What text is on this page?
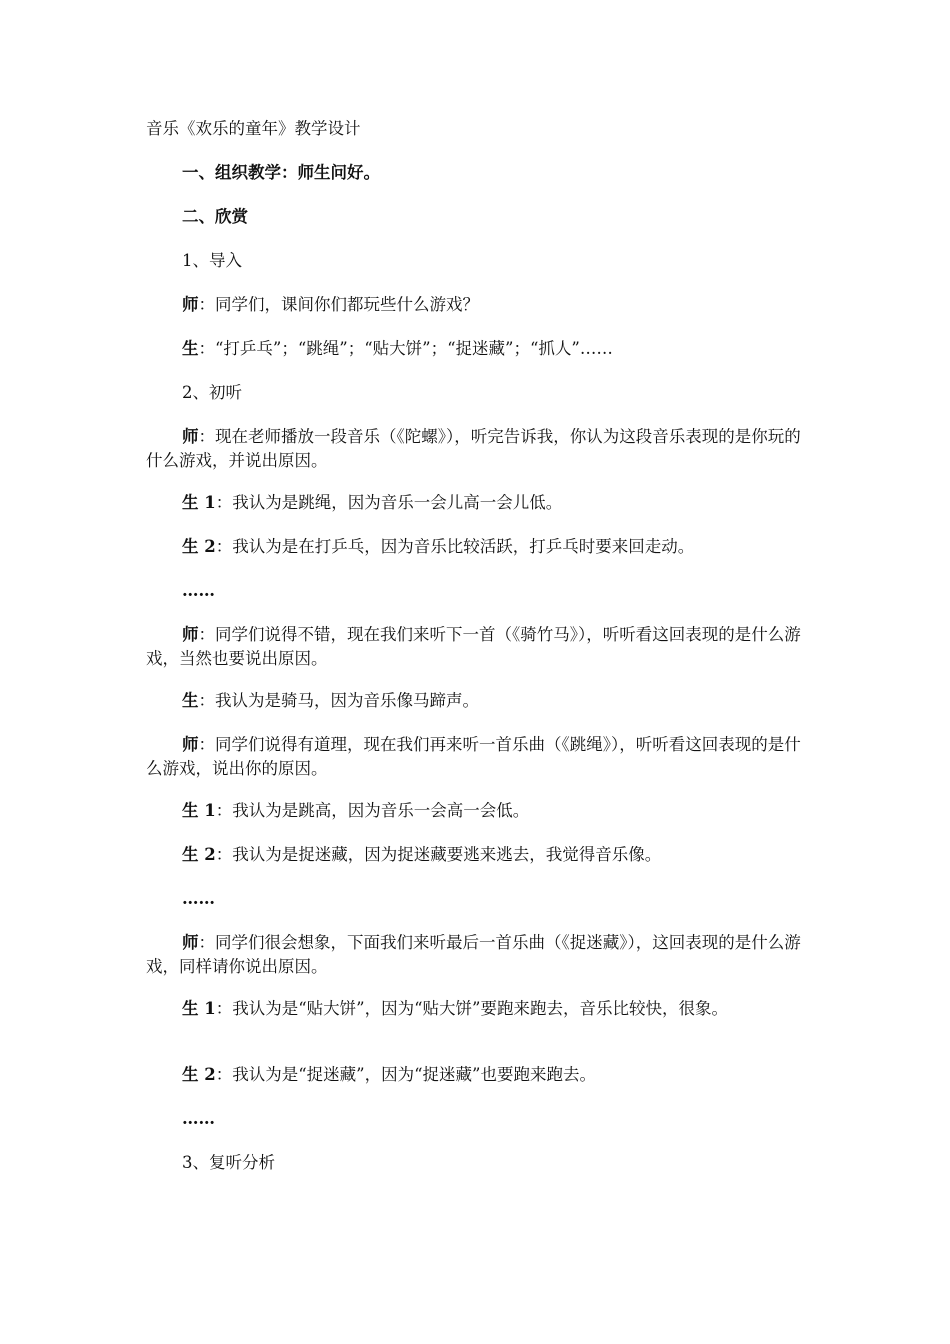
音乐《欢乐的童年》教学设计
一、组织教学：师生问好。
二、欣赏
1、导入
师：同学们，课间你们都玩些什么游戏？
生：“打乒乓”；“跳绳”；“贴大饼”；“捉迷藏”；“抓人”……
2、初听
师：现在老师播放一段音乐（《陀螺》），听完告诉我，你认为这段音乐表现的是你玩的什么游戏，并说出原因。
生 1：我认为是跳绳，因为音乐一会儿高一会儿低。
生 2：我认为是在打乒乓，因为音乐比较活跃，打乒乓时要来回走动。
……
师：同学们说得不错，现在我们来听下一首（《骑竹马》），听听看这回表现的是什么游戏，当然也要说出原因。
生：我认为是骑马，因为音乐像马蹄声。
师：同学们说得有道理，现在我们再来听一首乐曲（《跳绳》），听听看这回表现的是什么游戏，说出你的原因。
生 1：我认为是跳高，因为音乐一会高一会低。
生 2：我认为是捉迷藏，因为捉迷藏要逃来逃去，我觉得音乐像。
……
师：同学们很会想象，下面我们来听最后一首乐曲（《捉迷藏》），这回表现的是什么游戏，同样请你说出原因。
生 1：我认为是“贴大饼”，因为“贴大饼”要跑来跑去，音乐比较快，很象。
生 2：我认为是“捉迷藏”，因为“捉迷藏”也要跑来跑去。
……
3、复听分析
